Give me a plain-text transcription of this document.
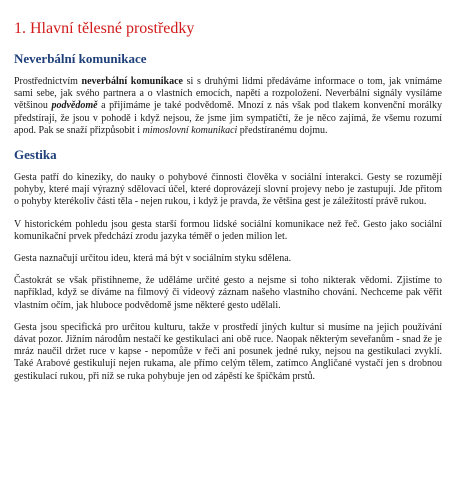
1. Hlavní tělesné prostředky
Neverbální komunikace

Prostřednictvím neverbální komunikace si s druhými lidmi předáváme informace o tom, jak vnímáme sami sebe, jak svého partnera a o vlastních emocích, napětí a rozpoložení. Neverbální signály vysíláme většinou podvědomě a přijímáme je také podvědomě. Mnozí z nás však pod tlakem konvenční morálky předstírají, že jsou v pohodě i když nejsou, že jsme jim sympatičtí, že je něco zajímá, že všemu rozumí apod. Pak se snaží přizpůsobit i mimoslovní komunikaci předstíranému dojmu.

Gestika

Gesta patří do kineziky, do nauky o pohybové činnosti člověka v sociální interakci. Gesty se rozumějí pohyby, které mají výrazný sdělovací účel, které doprovázejí slovní projevy nebo je zastupují. Jde přitom o pohyby kterékoliv části těla - nejen rukou, i když je pravda, že většina gest je záležitostí právě rukou.

V historickém pohledu jsou gesta starší formou lidské sociální komunikace než řeč. Gesto jako sociální komunikační prvek předchází zrodu jazyka téměř o jeden milion let.

Gesta naznačují určitou ideu, která má být v sociálním styku sdělena.

Častokrát se však přistihneme, že uděláme určité gesto a nejsme si toho nikterak vědomi. Zjistíme to například, když se díváme na filmový či videový záznam našeho vlastního chování. Nechceme pak věřit vlastním očím, jak hluboce podvědomě jsme některé gesto udělali.

Gesta jsou specifická pro určitou kulturu, takže v prostředí jiných kultur si musíme na jejich používání dávat pozor. Jižním národům nestačí ke gestikulaci ani obě ruce. Naopak některým seveřanům - snad že je mráz naučil držet ruce v kapse - nepomůže v řeči ani posunek jedné ruky, nejsou na gestikulaci zvyklí. Také Arabové gestikulují nejen rukama, ale přímo celým tělem, zatímco Angličané vystačí jen s drobnou gestikulací rukou, při níž se ruka pohybuje jen od zápěstí ke špičkám prstů.
